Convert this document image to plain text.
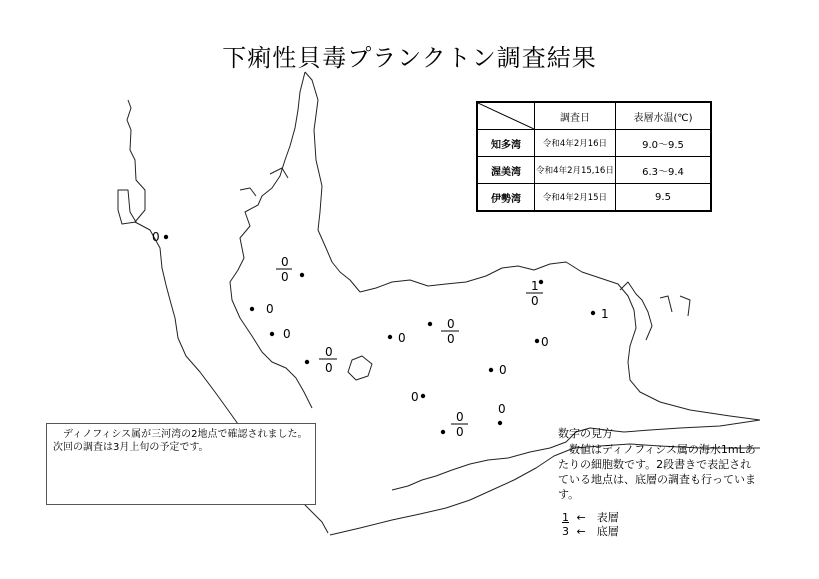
下痢性貝毒プランクトン調査結果
0
0
0
0
0
0
0
0
0
0
1
0
1
0
0
0
0
0
0
	調査日	表層水温(℃)
知多湾	令和4年2月16日	9.0～9.5
渥美湾	令和4年2月15,16日	6.3～9.4
伊勢湾	令和4年2月15日	9.5
ディノフィシス属が三河湾の2地点で確認されました。
次回の調査は3月上旬の予定です。
数字の見方
数値はディノフィシス属の海水1mLあたりの細胞数です。2段書きで表記されている地点は、底層の調査も行っています。
1 ←　表層
3 ←　底層
